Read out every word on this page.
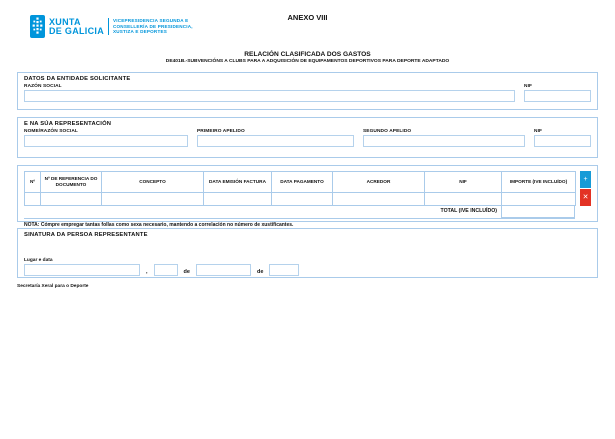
XUNTA
DE GALICIA
VICEPRESIDENCIA SEGUNDA E
CONSELLERÍA DE PRESIDENCIA,
XUSTIZA E DEPORTES
ANEXO VIII
RELACIÓN CLASIFICADA DOS GASTOS
DE401B.-SUBVENCIÓNS A CLUBS PARA A ADQUISICIÓN DE EQUIPAMENTOS DEPORTIVOS PARA DEPORTE ADAPTADO
DATOS DA ENTIDADE SOLICITANTE
RAZÓN SOCIAL	NIF
E NA SÚA REPRESENTACIÓN
NOME/RAZÓN SOCIAL	PRIMEIRO APELIDO	SEGUNDO APELIDO	NIF
Nº	Nº DE REFERENCIA DO DOCUMENTO	CONCEPTO	DATA EMISIÓN FACTURA	DATA PAGAMENTO	ACREDOR	NIF	IMPORTE (IVE INCLUÍDO)
								+
✕
TOTAL (IVE INCLUÍDO)
NOTA: Cómpre empregar tantas follas como sexa necesario, mantendo a correlación no número de xustificantes.
SINATURA DA PERSOA REPRESENTANTE
Lugar e data
,	de	de
Secretaría Xeral para o Deporte
